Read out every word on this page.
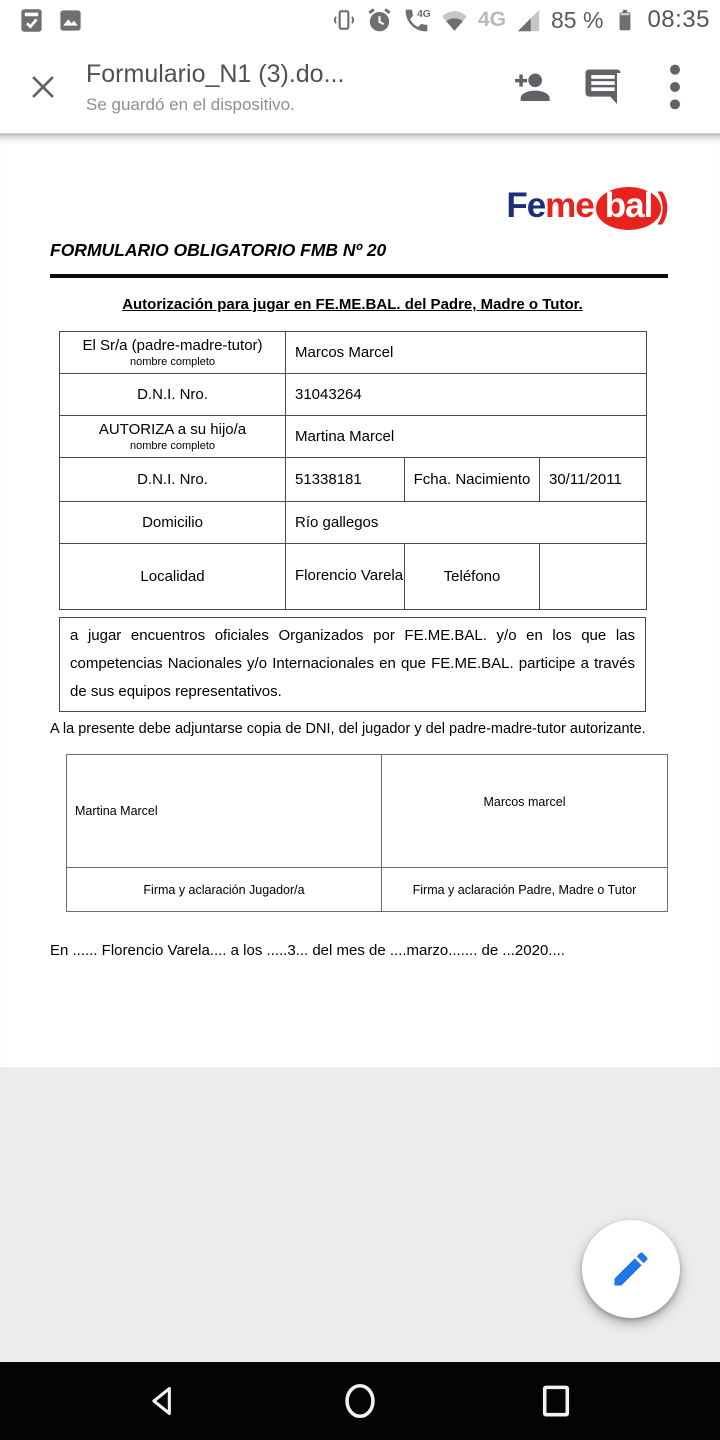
4G 4G 85 % 08:35
Formulario_N1 (3).do...
Se guardó en el dispositivo.
Feme bal )
FORMULARIO OBLIGATORIO FMB Nº 20
Autorización para jugar en FE.ME.BAL. del Padre, Madre o Tutor.
El Sr/a (padre-madre-tutor)
nombre completo	Marcos Marcel		
D.N.I. Nro.	31043264		

AUTORIZA a su hijo/a
nombre completo	Martina Marcel		
D.N.I. Nro.	51338181	Fcha. Nacimiento	30/11/2011
Domicilio	Río gallegos		
Localidad	Florencio Varela	Teléfono	
a jugar encuentros oficiales Organizados por FE.ME.BAL. y/o en los que las competencias Nacionales y/o Internacionales en que FE.ME.BAL. participe a través de sus equipos representativos.
A la presente debe adjuntarse copia de DNI, del jugador y del padre-madre-tutor autorizante.
Martina Marcel	Marcos marcel
Firma y aclaración Jugador/a	Firma y aclaración Padre, Madre o Tutor
En ...... Florencio Varela.... a los .....3... del mes de ....marzo....... de ...2020....
